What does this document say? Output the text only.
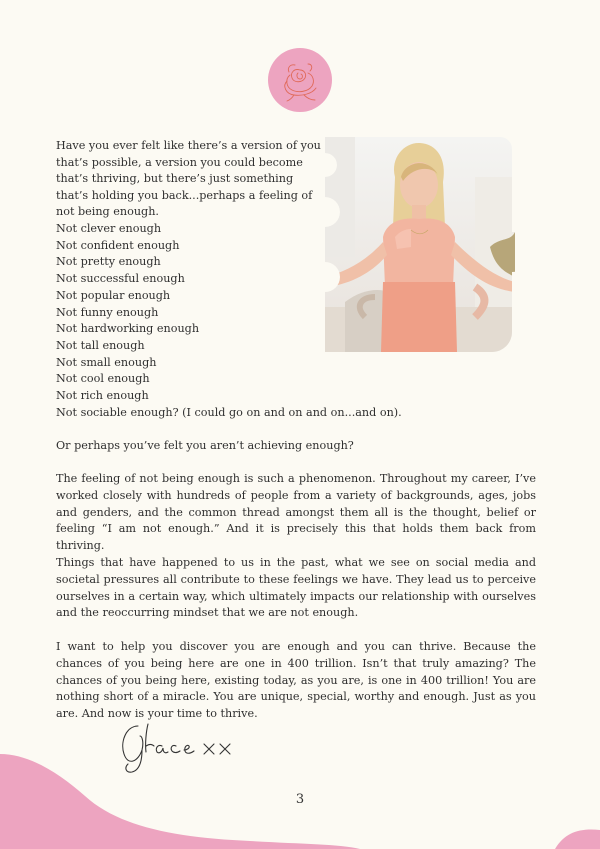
Have you ever felt like there’s a version of you that’s possible, a version you could become that’s thriving, but there’s just something that’s holding you back...perhaps a feeling of not being enough.
Not clever enough
Not confident enough
Not pretty enough
Not successful enough
Not popular enough
Not funny enough
Not hardworking enough
Not tall enough
Not small enough
Not cool enough
Not rich enough
Not sociable enough? (I could go on and on and on...and on).
Or perhaps you’ve felt you aren’t achieving enough?
The feeling of not being enough is such a phenomenon. Throughout my career, I’ve worked closely with hundreds of people from a variety of backgrounds, ages, jobs and genders, and the common thread amongst them all is the thought, belief or feeling “I am not enough.” And it is precisely this that holds them back from thriving.
Things that have happened to us in the past, what we see on social media and societal pressures all contribute to these feelings we have. They lead us to perceive ourselves in a certain way, which ultimately impacts our relationship with ourselves and the reoccurring mindset that we are not enough.
I want to help you discover you are enough and you can thrive. Because the chances of you being here are one in 400 trillion. Isn’t that truly amazing? The chances of you being here, existing today, as you are, is one in 400 trillion! You are nothing short of a miracle. You are unique, special, worthy and enough. Just as you are. And now is your time to thrive.
3
